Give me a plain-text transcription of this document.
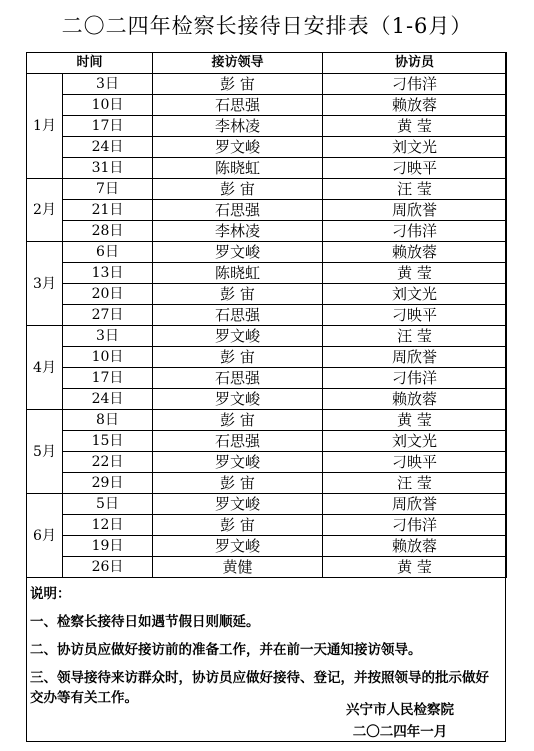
二〇二四年检察长接待日安排表（1-6月）
时间		接访领导	协访员
1月	3日	彭 宙	刁伟洋
	10日	石思强	赖放蓉
	17日	李林凌	黄 莹
	24日	罗文峻	刘文光
	31日	陈晓虹	刁映平
2月	7日	彭 宙	汪 莹
	21日	石思强	周欣誉
	28日	李林凌	刁伟洋
3月	6日	罗文峻	赖放蓉
	13日	陈晓虹	黄 莹
	20日	彭 宙	刘文光
	27日	石思强	刁映平
4月	3日	罗文峻	汪 莹
	10日	彭 宙	周欣誉
	17日	石思强	刁伟洋
	24日	罗文峻	赖放蓉
5月	8日	彭 宙	黄 莹
	15日	石思强	刘文光
	22日	罗文峻	刁映平
	29日	彭 宙	汪 莹
6月	5日	罗文峻	周欣誉
	12日	彭 宙	刁伟洋
	19日	罗文峻	赖放蓉
	26日	黄健	黄 莹
说明：
一、检察长接待日如遇节假日则顺延。
二、协访员应做好接访前的准备工作，并在前一天通知接访领导。
三、领导接待来访群众时，协访员应做好接待、登记，并按照领导的批示做好交办等有关工作。
兴宁市人民检察院
二〇二四年一月
